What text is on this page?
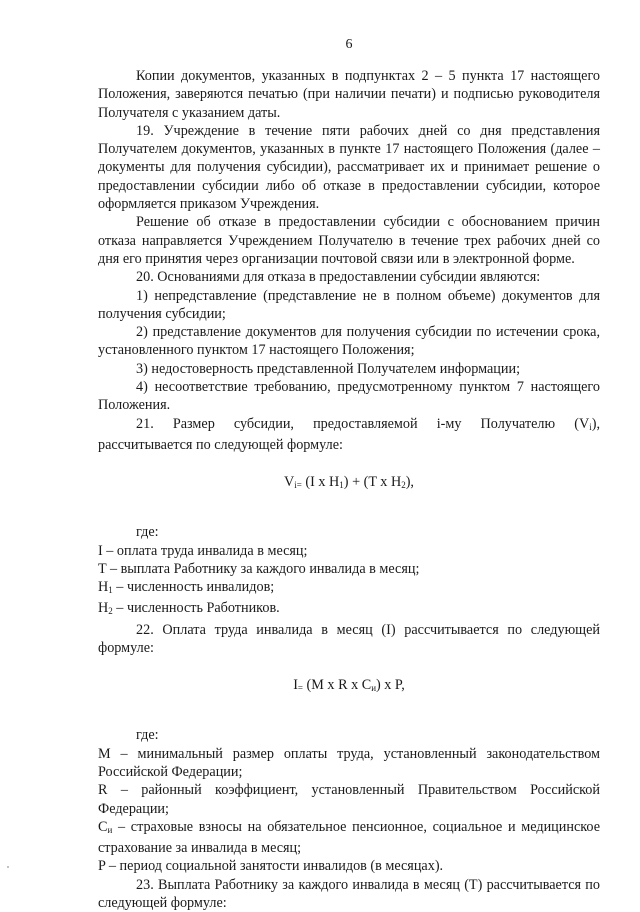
6

Копии документов, указанных в подпунктах 2 – 5 пункта 17 настоящего Положения, заверяются печатью (при наличии печати) и подписью руководителя Получателя с указанием даты.

19. Учреждение в течение пяти рабочих дней со дня представления Получателем документов, указанных в пункте 17 настоящего Положения (далее – документы для получения субсидии), рассматривает их и принимает решение о предоставлении субсидии либо об отказе в предоставлении субсидии, которое оформляется приказом Учреждения.

Решение об отказе в предоставлении субсидии с обоснованием причин отказа направляется Учреждением Получателю в течение трех рабочих дней со дня его принятия через организации почтовой связи или в электронной форме.

20. Основаниями для отказа в предоставлении субсидии являются:

1) непредставление (представление не в полном объеме) документов для получения субсидии;

2) представление документов для получения субсидии по истечении срока, установленного пунктом 17 настоящего Положения;

3) недостоверность представленной Получателем информации;

4) несоответствие требованию, предусмотренному пунктом 7 настоящего Положения.

21. Размер субсидии, предоставляемой i-му Получателю $(V_i)$, рассчитывается по следующей формуле:

$V_i= (I$ x $H_1) + (T$ x $H_2$),

где:

I – оплата труда инвалида в месяц;

T – выплата Работнику за каждого инвалида в месяц;

$H_1$ – численность инвалидов;

$H_2$ – численность Работников.

22. Оплата труда инвалида в месяц (I) рассчитывается по следующей формуле:

I= (M x R x $C_и$) x P,

где:

M – минимальный размер оплаты труда, установленный законодательством Российской Федерации;

R – районный коэффициент, установленный Правительством Российской Федерации;

$C_и$ – страховые взносы на обязательное пенсионное, социальное и медицинское страхование за инвалида в месяц;

P – период социальной занятости инвалидов (в месяцах).

23. Выплата Работнику за каждого инвалида в месяц (T) рассчитывается по следующей формуле:
